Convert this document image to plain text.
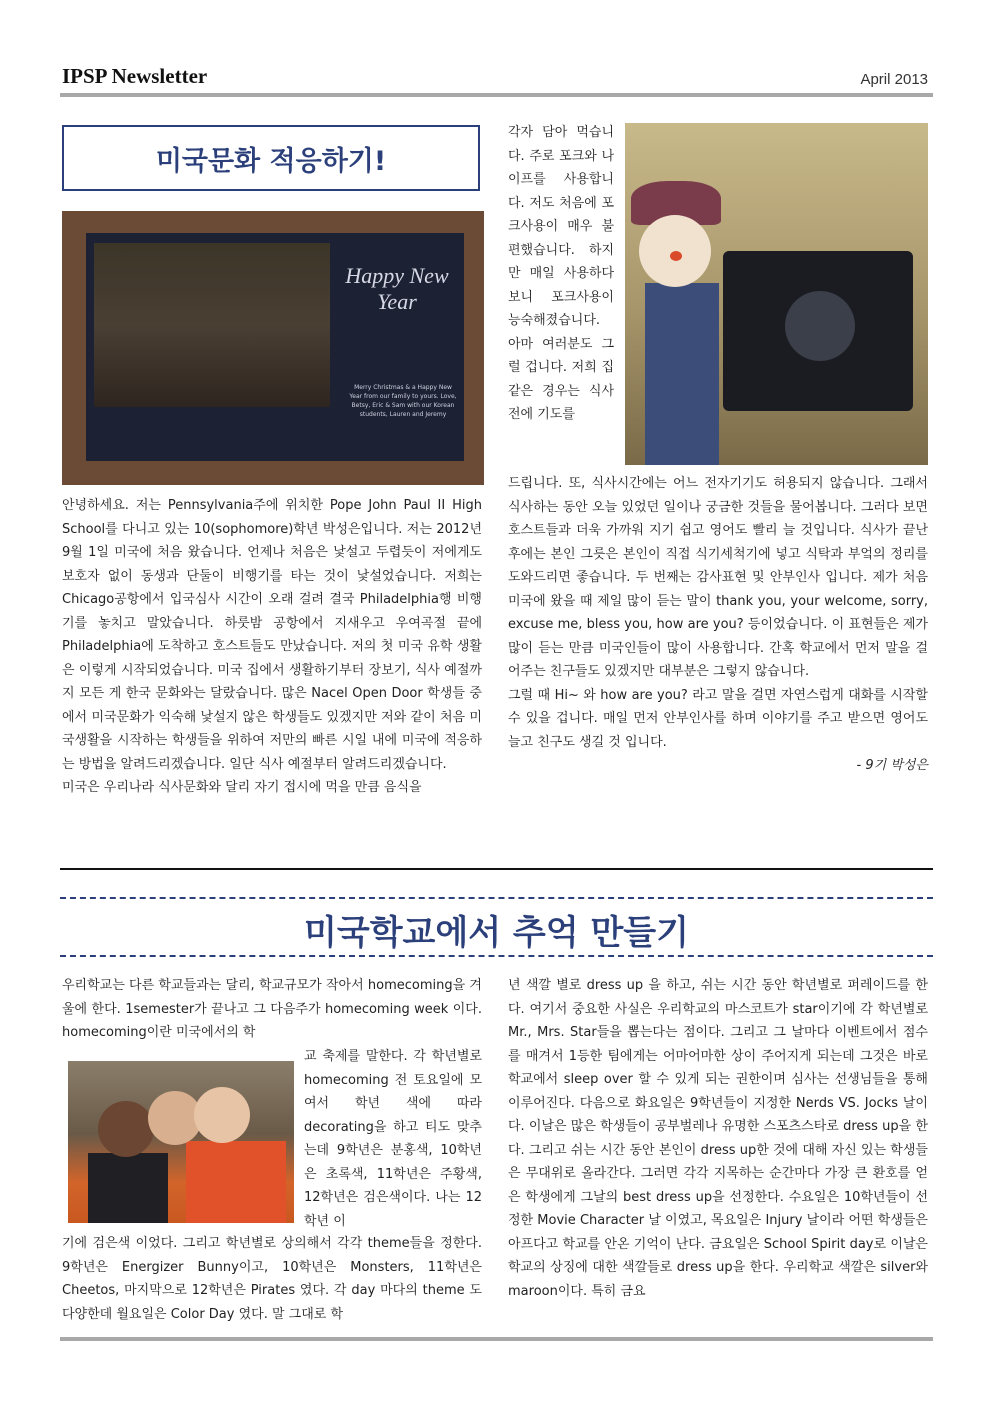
IPSP Newsletter	April 2013
미국문화 적응하기!
Happy New Year
Merry Christmas & a Happy New Year from our family to yours. Love, Betsy, Eric & Sam with our Korean students, Lauren and Jeremy

안녕하세요. 저는 Pennsylvania주에 위치한 Pope John Paul II High School를 다니고 있는 10(sophomore)학년 박성은입니다. 저는 2012년 9월 1일 미국에 처음 왔습니다. 언제나 처음은 낯설고 두렵듯이 저에게도 보호자 없이 동생과 단둘이 비행기를 타는 것이 낯설었습니다. 저희는 Chicago공항에서 입국심사 시간이 오래 걸려 결국 Philadelphia행 비행기를 놓치고 말았습니다. 하룻밤 공항에서 지새우고 우여곡절 끝에 Philadelphia에 도착하고 호스트들도 만났습니다. 저의 첫 미국 유학 생활은 이렇게 시작되었습니다. 미국 집에서 생활하기부터 장보기, 식사 예절까지 모든 게 한국 문화와는 달랐습니다. 많은 Nacel Open Door 학생들 중에서 미국문화가 익숙해 낯설지 않은 학생들도 있겠지만 저와 같이 처음 미국생활을 시작하는 학생들을 위하여 저만의 빠른 시일 내에 미국에 적응하는 방법을 알려드리겠습니다. 일단 식사 예절부터 알려드리겠습니다.
미국은 우리나라 식사문화와 달리 자기 접시에 먹을 만큼 음식을

각자 담아 먹습니다. 주로 포크와 나이프를 사용합니다. 저도 처음에 포크사용이 매우 불편했습니다. 하지만 매일 사용하다 보니 포크사용이 능숙해졌습니다. 아마 여러분도 그럴 겁니다. 저희 집 같은 경우는 식사 전에 기도를

드립니다. 또, 식사시간에는 어느 전자기기도 허용되지 않습니다. 그래서 식사하는 동안 오늘 있었던 일이나 궁금한 것들을 물어봅니다. 그러다 보면 호스트들과 더욱 가까워 지기 쉽고 영어도 빨리 늘 것입니다. 식사가 끝난 후에는 본인 그릇은 본인이 직접 식기세척기에 넣고 식탁과 부엌의 정리를 도와드리면 좋습니다. 두 번째는 감사표현 및 안부인사 입니다. 제가 처음 미국에 왔을 때 제일 많이 듣는 말이 thank you, your welcome, sorry, excuse me, bless you, how are you? 등이었습니다. 이 표현들은 제가 많이 듣는 만큼 미국인들이 많이 사용합니다. 간혹 학교에서 먼저 말을 걸어주는 친구들도 있겠지만 대부분은 그렇지 않습니다.

그럴 때 Hi~ 와 how are you? 라고 말을 걸면 자연스럽게 대화를 시작할 수 있을 겁니다. 매일 먼저 안부인사를 하며 이야기를 주고 받으면 영어도 늘고 친구도 생길 것 입니다.

- 9기 박성은

미국학교에서 추억 만들기

우리학교는 다른 학교들과는 달리, 학교규모가 작아서 homecoming을 겨울에 한다. 1semester가 끝나고 그 다음주가 homecoming week 이다. homecoming이란 미국에서의 학

교 축제를 말한다. 각 학년별로 homecoming 전 토요일에 모여서 학년 색에 따라 decorating을 하고 티도 맞추는데 9학년은 분홍색, 10학년은 초록색, 11학년은 주황색, 12학년은 검은색이다. 나는 12학년 이

기에 검은색 이었다. 그리고 학년별로 상의해서 각각 theme들을 정한다. 9학년은 Energizer Bunny이고, 10학년은 Monsters, 11학년은 Cheetos, 마지막으로 12학년은 Pirates 였다. 각 day 마다의 theme 도 다양한데 월요일은 Color Day 였다. 말 그대로 학

년 색깔 별로 dress up 을 하고, 쉬는 시간 동안 학년별로 퍼레이드를 한다. 여기서 중요한 사실은 우리학교의 마스코트가 star이기에 각 학년별로 Mr., Mrs. Star들을 뽑는다는 점이다. 그리고 그 날마다 이벤트에서 점수를 매겨서 1등한 팀에게는 어마어마한 상이 주어지게 되는데 그것은 바로 학교에서 sleep over 할 수 있게 되는 권한이며 심사는 선생님들을 통해 이루어진다. 다음으로 화요일은 9학년들이 지정한 Nerds VS. Jocks 날이다. 이날은 많은 학생들이 공부벌레나 유명한 스포츠스타로 dress up을 한다. 그리고 쉬는 시간 동안 본인이 dress up한 것에 대해 자신 있는 학생들은 무대위로 올라간다. 그러면 각각 지목하는 순간마다 가장 큰 환호를 얻은 학생에게 그날의 best dress up을 선정한다. 수요일은 10학년들이 선정한 Movie Character 날 이였고, 목요일은 Injury 날이라 어떤 학생들은 아프다고 학교를 안온 기억이 난다. 금요일은 School Spirit day로 이날은 학교의 상징에 대한 색깔들로 dress up을 한다. 우리학교 색깔은 silver와 maroon이다. 특히 금요
